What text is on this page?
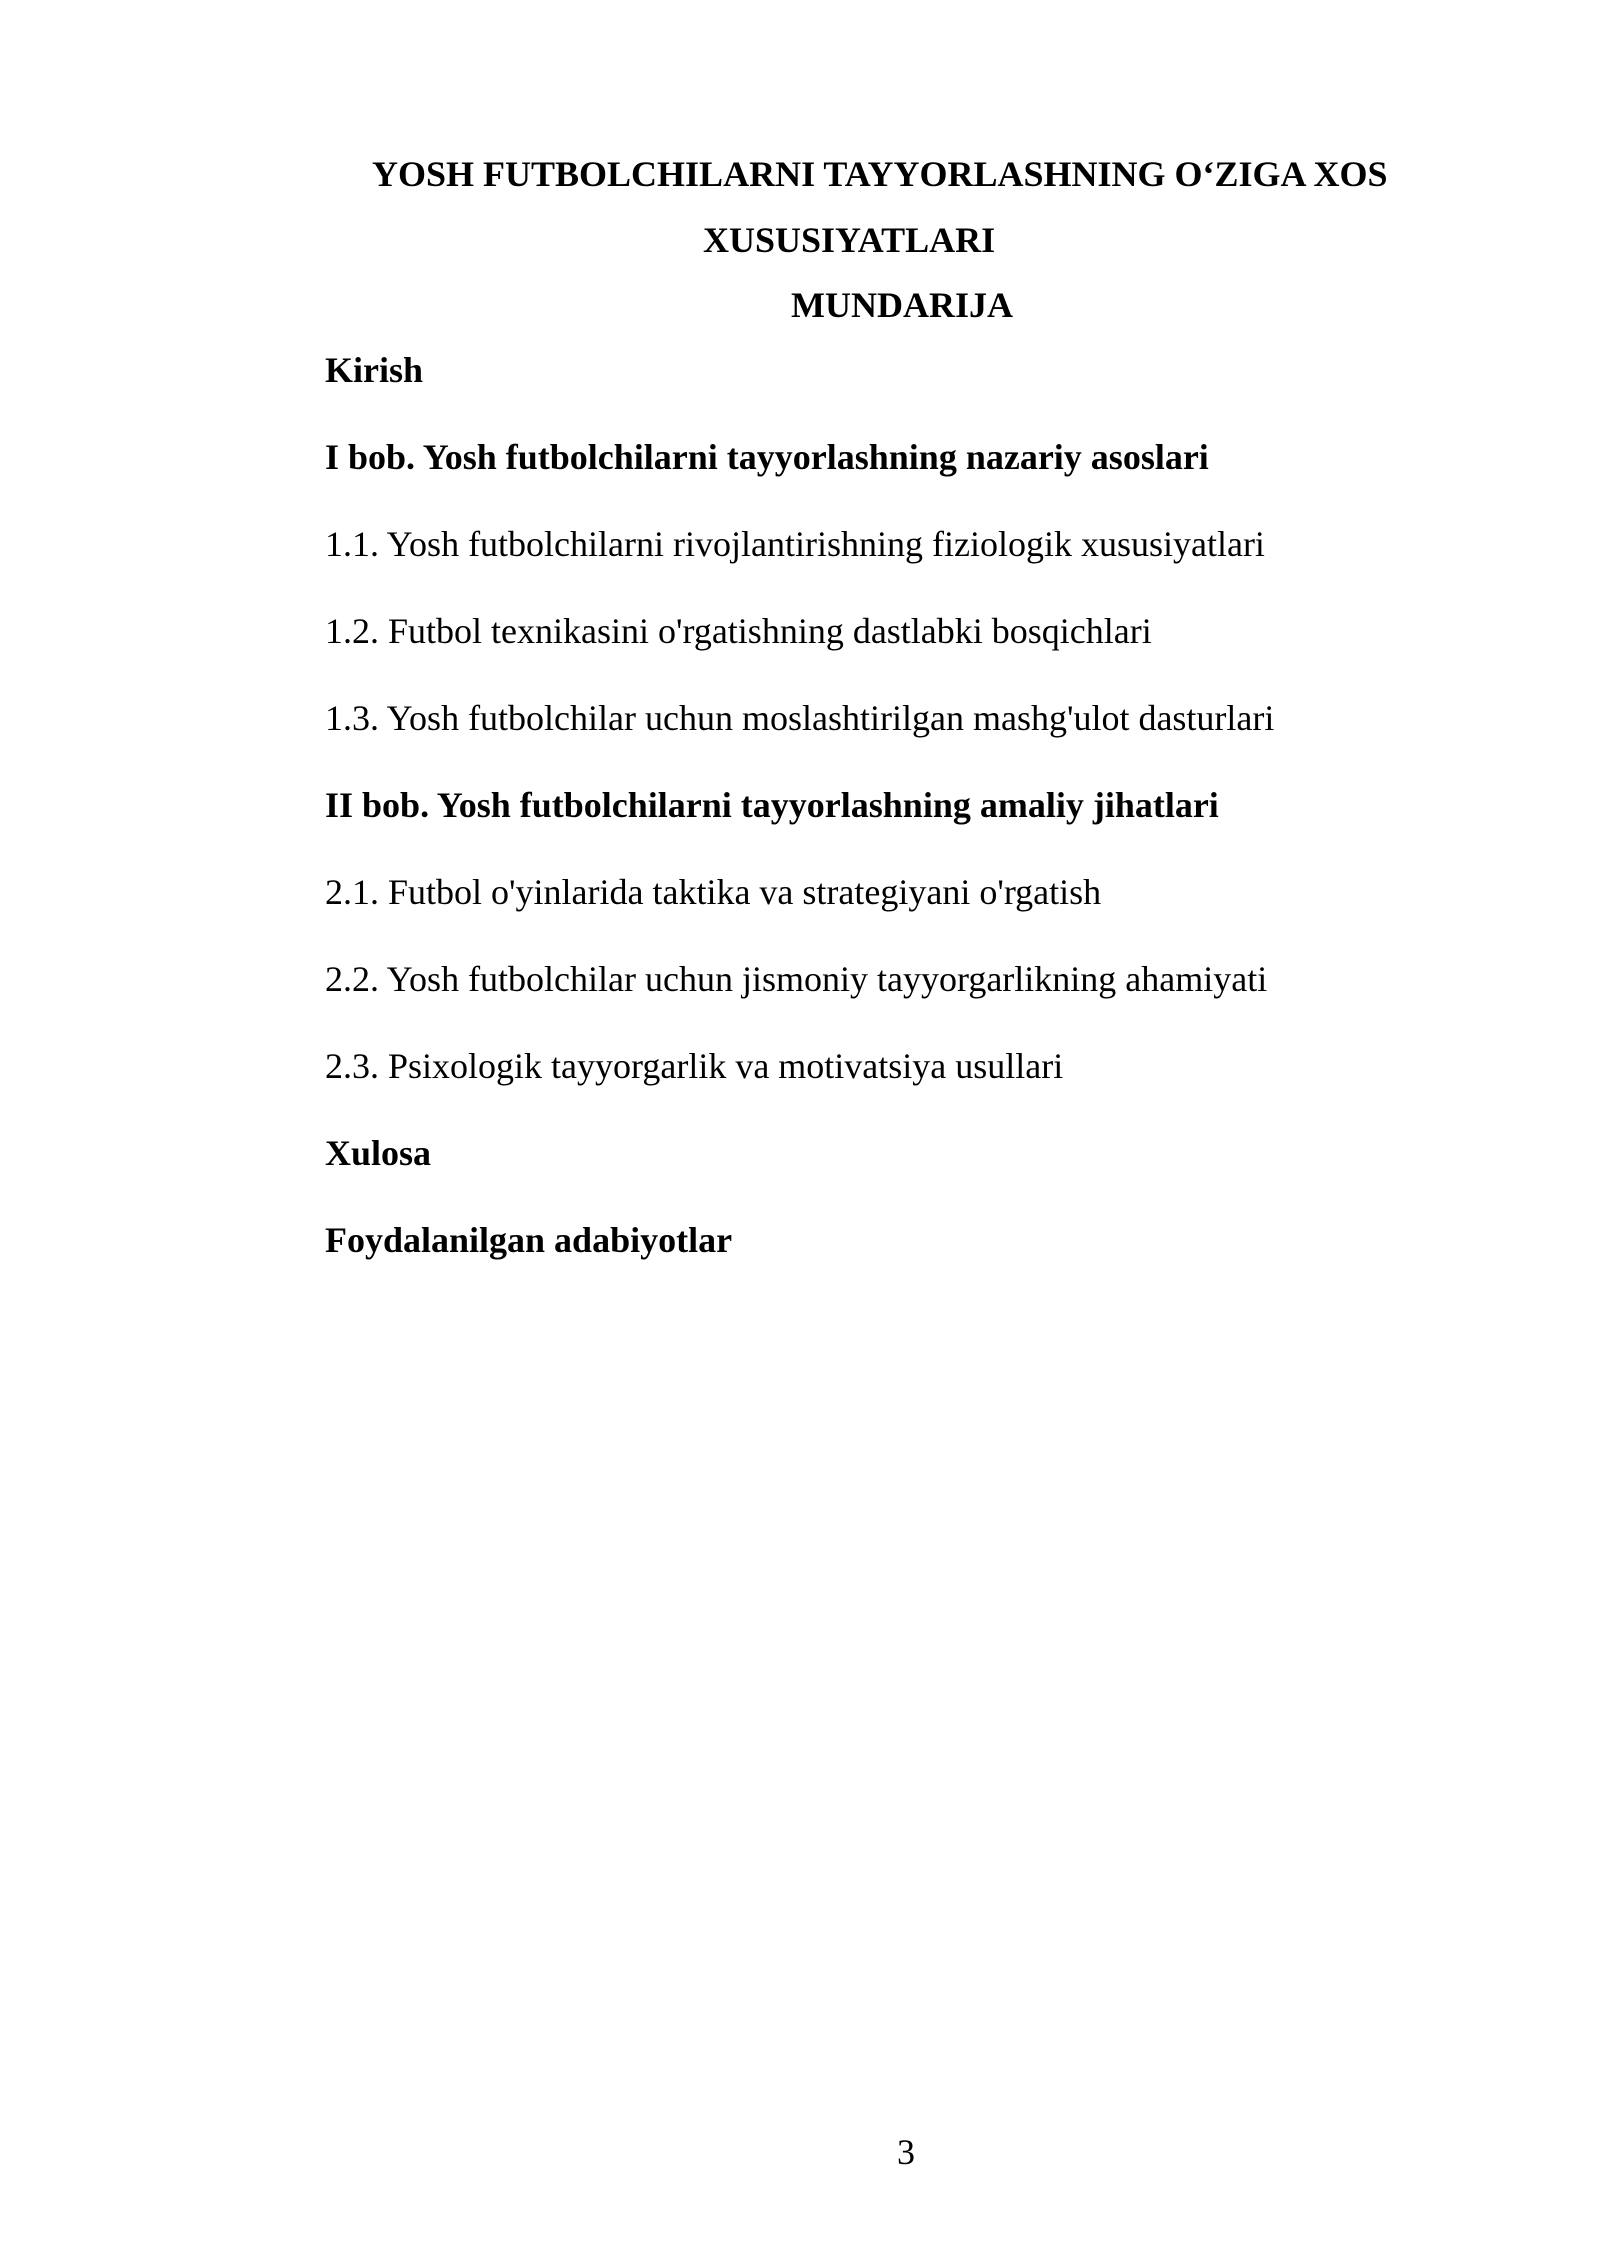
YOSH FUTBOLCHILARNI TAYYORLASHNING O‘ZIGA XOS
XUSUSIYATLARI
MUNDARIJA
Kirish
I bob. Yosh futbolchilarni tayyorlashning nazariy asoslari
1.1. Yosh futbolchilarni rivojlantirishning fiziologik xususiyatlari
1.2. Futbol texnikasini o'rgatishning dastlabki bosqichlari
1.3. Yosh futbolchilar uchun moslashtirilgan mashg'ulot dasturlari
II bob. Yosh futbolchilarni tayyorlashning amaliy jihatlari
2.1. Futbol o'yinlarida taktika va strategiyani o'rgatish
2.2. Yosh futbolchilar uchun jismoniy tayyorgarlikning ahamiyati
2.3. Psixologik tayyorgarlik va motivatsiya usullari
Xulosa
Foydalanilgan adabiyotlar
3
